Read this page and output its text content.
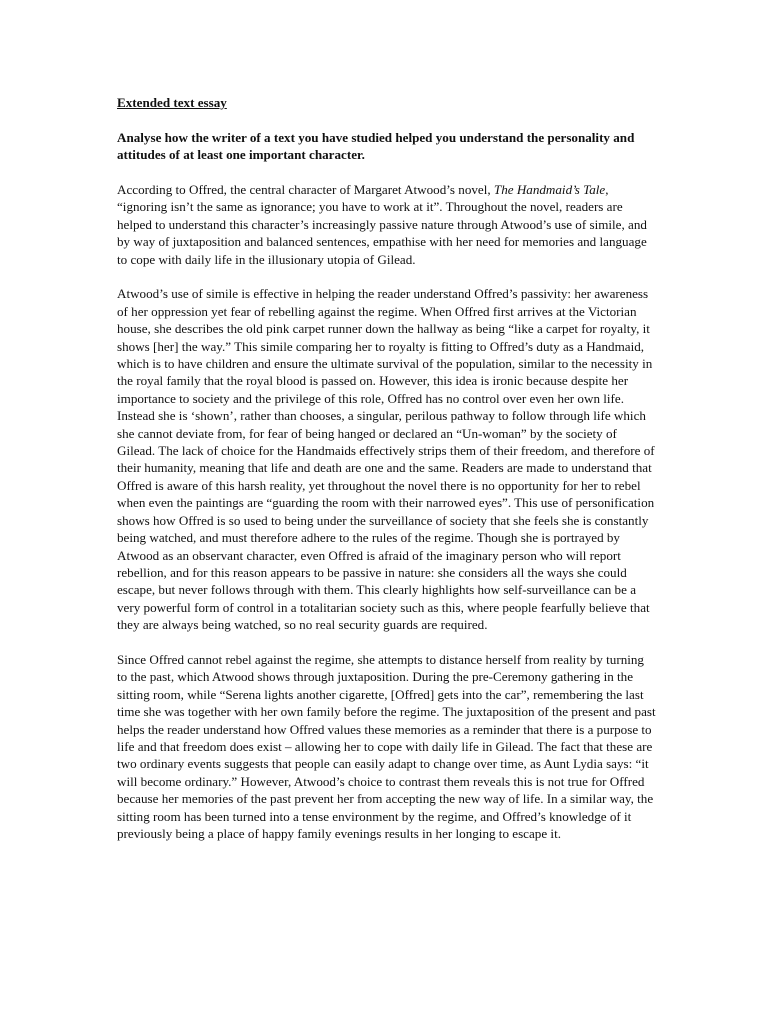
Extended text essay

Analyse how the writer of a text you have studied helped you understand the personality and attitudes of at least one important character.

According to Offred, the central character of Margaret Atwood’s novel, The Handmaid’s Tale, “ignoring isn’t the same as ignorance; you have to work at it”. Throughout the novel, readers are helped to understand this character’s increasingly passive nature through Atwood’s use of simile, and by way of juxtaposition and balanced sentences, empathise with her need for memories and language to cope with daily life in the illusionary utopia of Gilead.

Atwood’s use of simile is effective in helping the reader understand Offred’s passivity: her awareness of her oppression yet fear of rebelling against the regime. When Offred first arrives at the Victorian house, she describes the old pink carpet runner down the hallway as being “like a carpet for royalty, it shows [her] the way.” This simile comparing her to royalty is fitting to Offred’s duty as a Handmaid, which is to have children and ensure the ultimate survival of the population, similar to the necessity in the royal family that the royal blood is passed on. However, this idea is ironic because despite her importance to society and the privilege of this role, Offred has no control over even her own life. Instead she is ‘shown’, rather than chooses, a singular, perilous pathway to follow through life which she cannot deviate from, for fear of being hanged or declared an “Un-woman” by the society of Gilead. The lack of choice for the Handmaids effectively strips them of their freedom, and therefore of their humanity, meaning that life and death are one and the same. Readers are made to understand that Offred is aware of this harsh reality, yet throughout the novel there is no opportunity for her to rebel when even the paintings are “guarding the room with their narrowed eyes”. This use of personification shows how Offred is so used to being under the surveillance of society that she feels she is constantly being watched, and must therefore adhere to the rules of the regime. Though she is portrayed by Atwood as an observant character, even Offred is afraid of the imaginary person who will report rebellion, and for this reason appears to be passive in nature: she considers all the ways she could escape, but never follows through with them. This clearly highlights how self-surveillance can be a very powerful form of control in a totalitarian society such as this, where people fearfully believe that they are always being watched, so no real security guards are required.

Since Offred cannot rebel against the regime, she attempts to distance herself from reality by turning to the past, which Atwood shows through juxtaposition. During the pre-Ceremony gathering in the sitting room, while “Serena lights another cigarette, [Offred] gets into the car”, remembering the last time she was together with her own family before the regime. The juxtaposition of the present and past helps the reader understand how Offred values these memories as a reminder that there is a purpose to life and that freedom does exist – allowing her to cope with daily life in Gilead. The fact that these are two ordinary events suggests that people can easily adapt to change over time, as Aunt Lydia says: “it will become ordinary.” However, Atwood’s choice to contrast them reveals this is not true for Offred because her memories of the past prevent her from accepting the new way of life. In a similar way, the sitting room has been turned into a tense environment by the regime, and Offred’s knowledge of it previously being a place of happy family evenings results in her longing to escape it.
